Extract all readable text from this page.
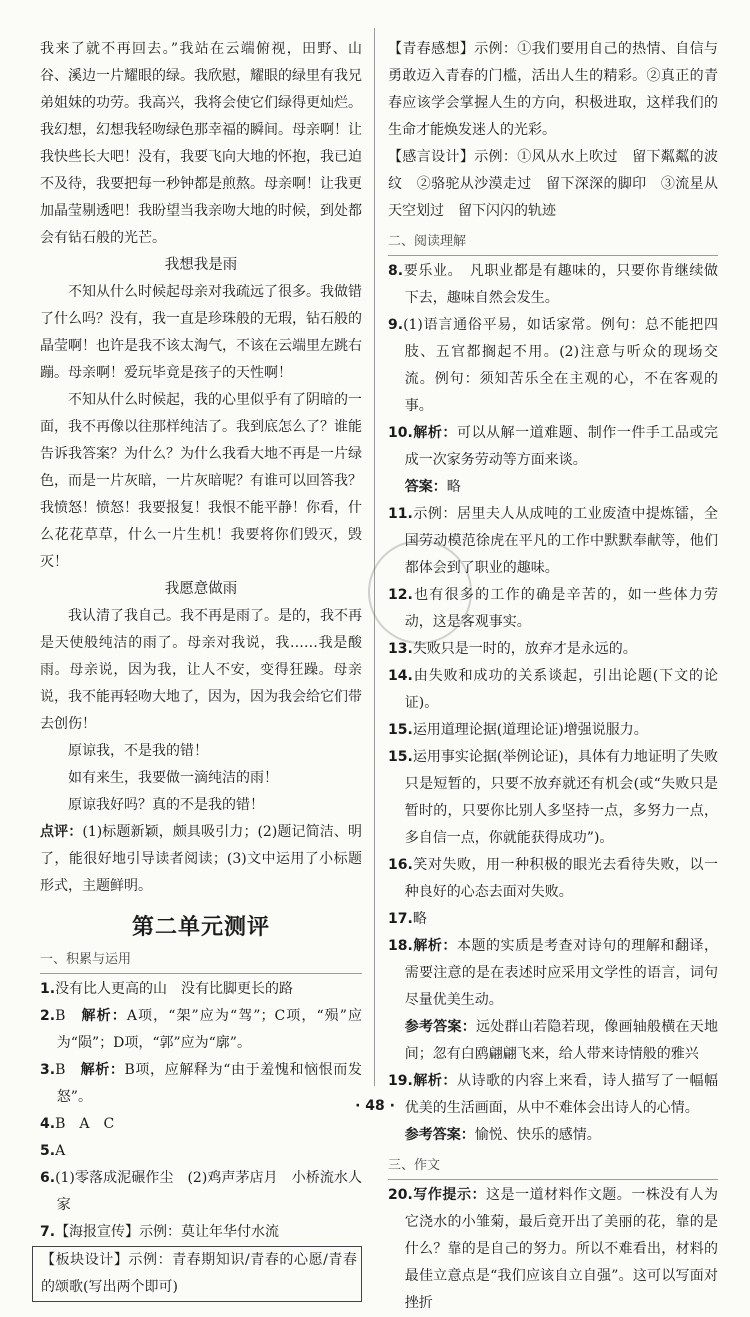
我来了就不再回去。”我站在云端俯视，田野、山谷、溪边一片耀眼的绿。我欣慰，耀眼的绿里有我兄弟姐妹的功劳。我高兴，我将会使它们绿得更灿烂。我幻想，幻想我轻吻绿色那幸福的瞬间。母亲啊！让我快些长大吧！没有，我要飞向大地的怀抱，我已迫不及待，我要把每一秒钟都是煎熬。母亲啊！让我更加晶莹剔透吧！我盼望当我亲吻大地的时候，到处都会有钻石般的光芒。

我想我是雨

不知从什么时候起母亲对我疏远了很多。我做错了什么吗？没有，我一直是珍珠般的无瑕，钻石般的晶莹啊！也许是我不该太淘气，不该在云端里左跳右蹦。母亲啊！爱玩毕竟是孩子的天性啊！

不知从什么时候起，我的心里似乎有了阴暗的一面，我不再像以往那样纯洁了。我到底怎么了？谁能告诉我答案？为什么？为什么我看大地不再是一片绿色，而是一片灰暗，一片灰暗呢？有谁可以回答我？我愤怒！愤怒！我要报复！我恨不能平静！你看，什么花花草草，什么一片生机！我要将你们毁灭，毁灭！

我愿意做雨

我认清了我自己。我不再是雨了。是的，我不再是天使般纯洁的雨了。母亲对我说，我……我是酸雨。母亲说，因为我，让人不安，变得狂躁。母亲说，我不能再轻吻大地了，因为，因为我会给它们带去创伤！

原谅我，不是我的错！

如有来生，我要做一滴纯洁的雨！

原谅我好吗？真的不是我的错！

点评：(1)标题新颖，颇具吸引力；(2)题记简洁、明了，能很好地引导读者阅读；(3)文中运用了小标题形式，主题鲜明。

第二单元测评
一、积累与运用

1.没有比人更高的山　没有比脚更长的路

2.B　 解析：A项，“架”应为“驾”；C项，“殒”应为“陨”；D项，“郭”应为“廓”。

3.B　 解析：B项，应解释为“由于羞愧和恼恨而发怒”。

4.B　A　C

5.A

6.(1)零落成泥碾作尘　(2)鸡声茅店月　小桥流水人家

7.【海报宣传】示例：莫让年华付水流

【板块设计】示例：青春期知识/青春的心愿/青春的颂歌(写出两个即可)

【青春感想】示例：①我们要用自己的热情、自信与勇敢迈入青春的门槛，活出人生的精彩。②真正的青春应该学会掌握人生的方向，积极进取，这样我们的生命才能焕发迷人的光彩。

【感言设计】示例：①风从水上吹过　留下粼粼的波纹　②骆驼从沙漠走过　留下深深的脚印　③流星从天空划过　留下闪闪的轨迹

二、阅读理解

8.要乐业。　凡职业都是有趣味的，只要你肯继续做下去，趣味自然会发生。

9.(1)语言通俗平易，如话家常。例句：总不能把四肢、五官都搁起不用。(2)注意与听众的现场交流。例句：须知苦乐全在主观的心，不在客观的事。

10.解析：可以从解一道难题、制作一件手工品或完成一次家务劳动等方面来谈。

答案：略

11.示例：居里夫人从成吨的工业废渣中提炼镭，全国劳动模范徐虎在平凡的工作中默默奉献等，他们都体会到了职业的趣味。

12.也有很多的工作的确是辛苦的，如一些体力劳动，这是客观事实。

13.失败只是一时的，放弃才是永远的。

14.由失败和成功的关系谈起，引出论题(下文的论证)。

15.运用道理论据(道理论证)增强说服力。

15.运用事实论据(举例论证)，具体有力地证明了失败只是短暂的，只要不放弃就还有机会(或“失败只是暂时的，只要你比别人多坚持一点，多努力一点，多自信一点，你就能获得成功”)。

16.笑对失败，用一种积极的眼光去看待失败，以一种良好的心态去面对失败。

17.略

18.解析：本题的实质是考查对诗句的理解和翻译，需要注意的是在表述时应采用文学性的语言，词句尽量优美生动。

参考答案：远处群山若隐若现，像画轴般横在天地间；忽有白鸥翩翩飞来，给人带来诗情般的雅兴

19.解析：从诗歌的内容上来看，诗人描写了一幅幅优美的生活画面，从中不难体会出诗人的心情。

参考答案：愉悦、快乐的感情。

三、作文

20.写作提示：这是一道材料作文题。一株没有人为它浇水的小雏菊，最后竟开出了美丽的花，靠的是什么？靠的是自己的努力。所以不难看出，材料的最佳立意点是“我们应该自立自强”。这可以写面对挫折

· 48 ·
